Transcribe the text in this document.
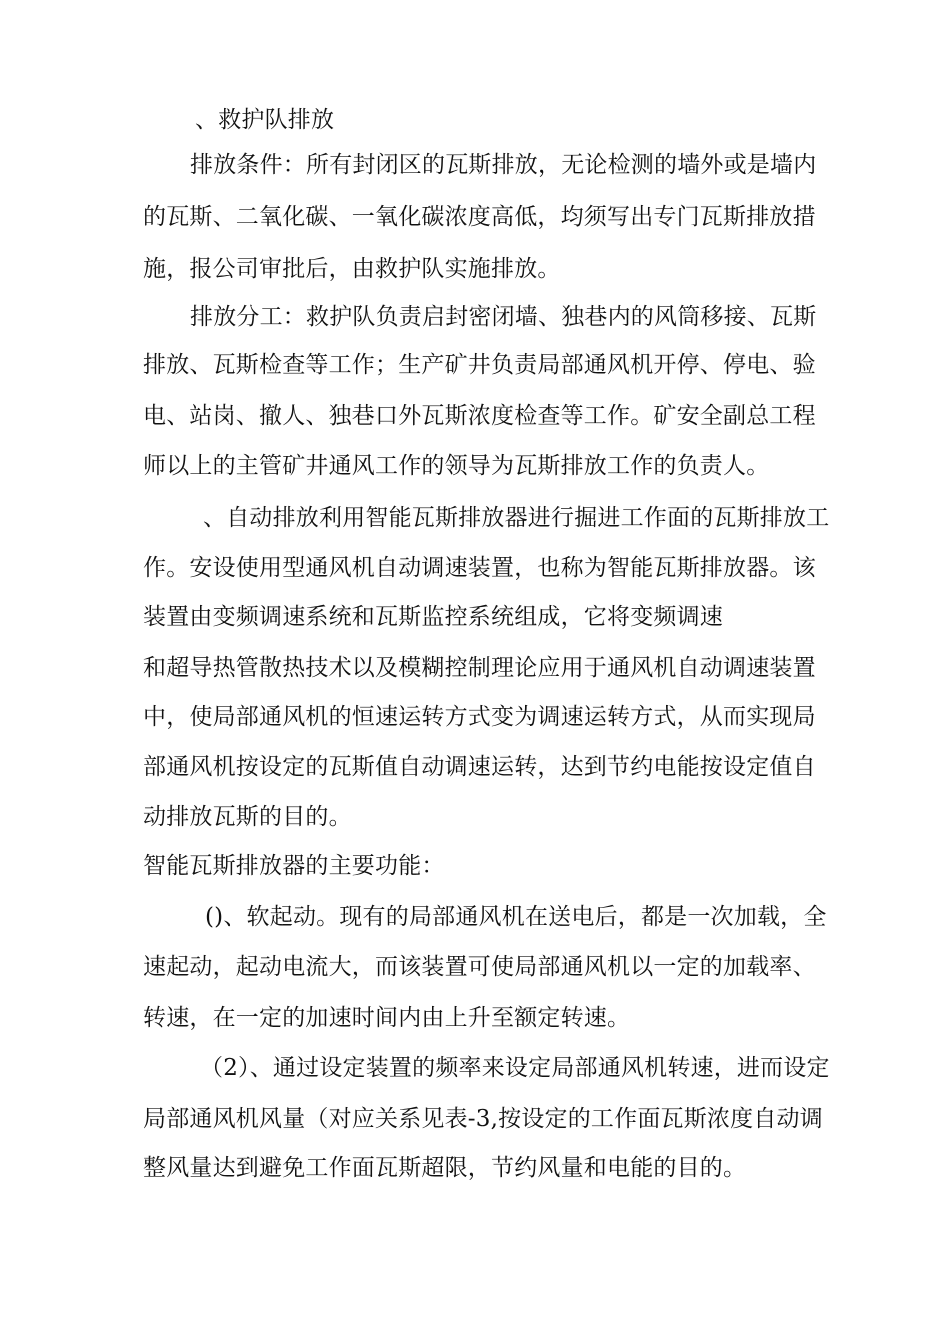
、救护队排放
排放条件：所有封闭区的瓦斯排放，无论检测的墙外或是墙内
的瓦斯、二氧化碳、一氧化碳浓度高低，均须写出专门瓦斯排放措
施，报公司审批后，由救护队实施排放。
排放分工：救护队负责启封密闭墙、独巷内的风筒移接、瓦斯
排放、瓦斯检查等工作；生产矿井负责局部通风机开停、停电、验
电、站岗、撤人、独巷口外瓦斯浓度检查等工作。矿安全副总工程
师以上的主管矿井通风工作的领导为瓦斯排放工作的负责人。
、自动排放利用智能瓦斯排放器进行掘进工作面的瓦斯排放工
作。安设使用型通风机自动调速装置，也称为智能瓦斯排放器。该
装置由变频调速系统和瓦斯监控系统组成，它将变频调速
和超导热管散热技术以及模糊控制理论应用于通风机自动调速装置
中，使局部通风机的恒速运转方式变为调速运转方式，从而实现局
部通风机按设定的瓦斯值自动调速运转，达到节约电能按设定值自
动排放瓦斯的目的。
智能瓦斯排放器的主要功能：
()、软起动。现有的局部通风机在送电后，都是一次加载，全
速起动，起动电流大，而该装置可使局部通风机以一定的加载率、
转速，在一定的加速时间内由上升至额定转速。
（2）、通过设定装置的频率来设定局部通风机转速，进而设定
局部通风机风量（对应关系见表-3,按设定的工作面瓦斯浓度自动调
整风量达到避免工作面瓦斯超限，节约风量和电能的目的。
